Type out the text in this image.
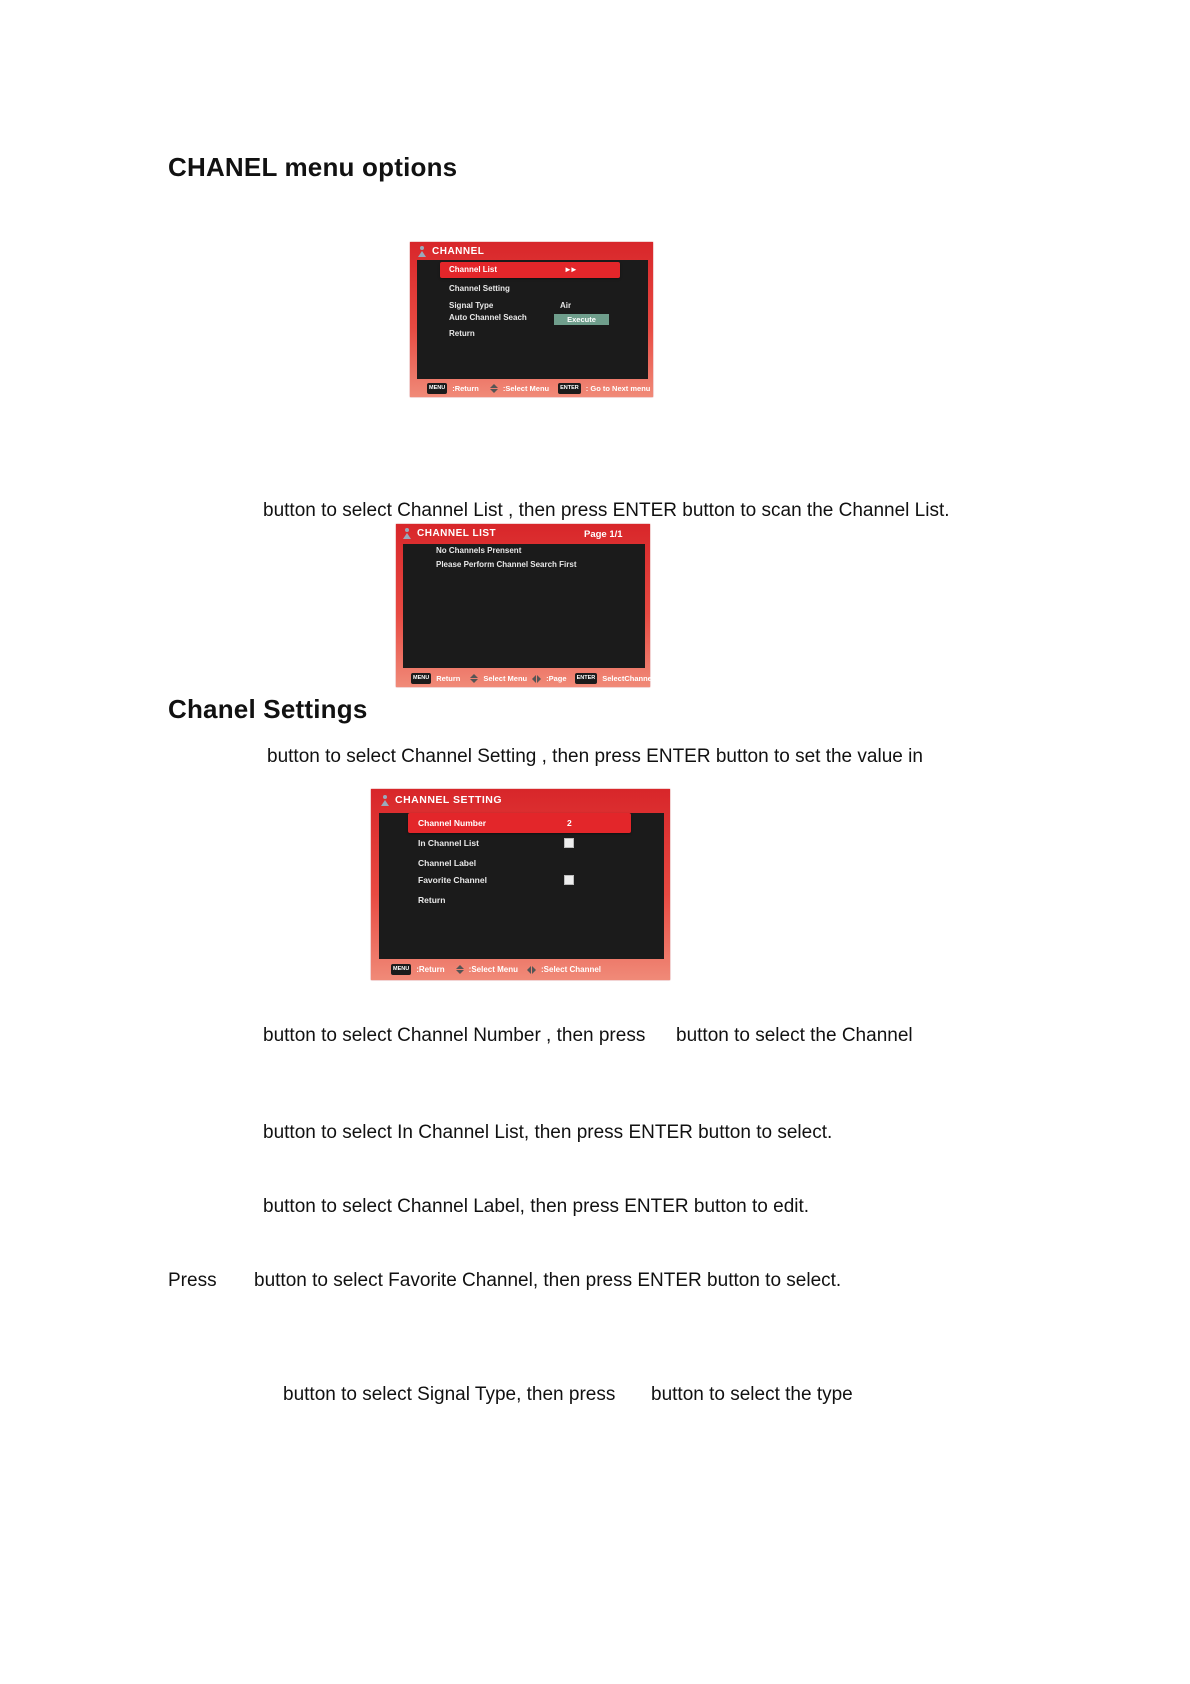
CHANEL menu options
CHANNEL
Channel List	►►
Channel Setting
Signal Type	Air
Auto Channel Seach	Execute
Return
MENU :Return	:Select Menu	ENTER : Go to Next menu
button to select Channel List , then press ENTER button to scan the Channel List.
CHANNEL LIST	Page 1/1
No Channels Prensent
Please Perform Channel Search First
MENU Return	Select Menu	:Page	ENTER SelectChannel
Chanel Settings
button to select Channel Setting , then press ENTER button to set the value in
CHANNEL SETTING
Channel Number	2
In Channel List
Channel Label
Favorite Channel
Return
MENU :Return	:Select Menu	:Select Channel
button to select Channel Number , then press button to select the Channel
button to select In Channel List, then press ENTER button to select.
button to select Channel Label, then press ENTER button to edit.
Press button to select Favorite Channel, then press ENTER button to select.
button to select Signal Type, then press button to select the type
